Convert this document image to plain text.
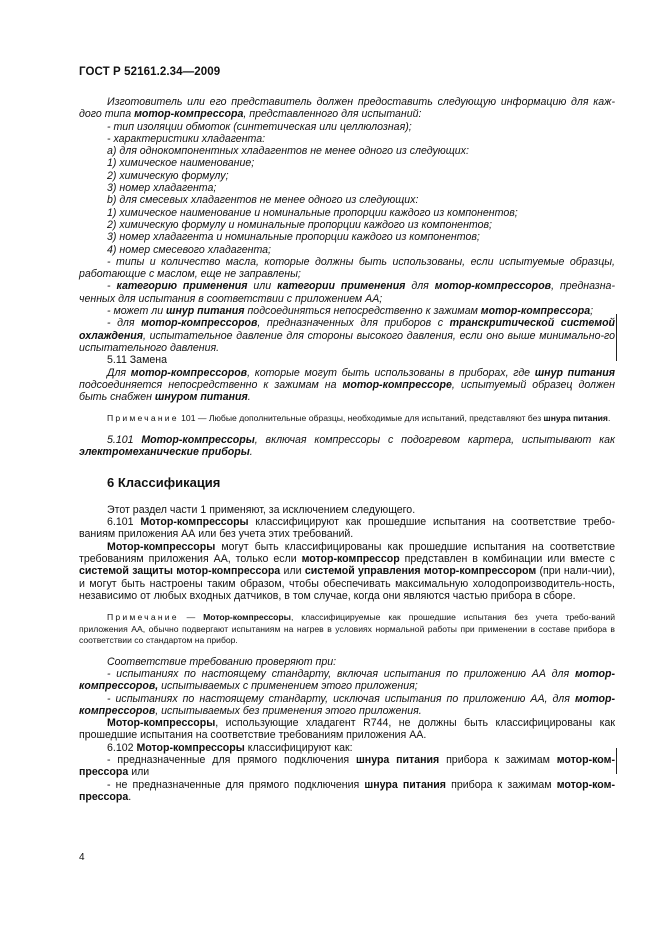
ГОСТ Р 52161.2.34—2009

Изготовитель или его представитель должен предоставить следующую информацию для каж-дого типа мотор-компрессора, представленного для испытаний:

- тип изоляции обмоток (синтетическая или целлюлозная);

- характеристики хладагента:

a) для однокомпонентных хладагентов не менее одного из следующих:

1) химическое наименование;

2) химическую формулу;

3) номер хладагента;

b) для смесевых хладагентов не менее одного из следующих:

1) химическое наименование и номинальные пропорции каждого из компонентов;

2) химическую формулу и номинальные пропорции каждого из компонентов;

3) номер хладагента и номинальные пропорции каждого из компонентов;

4) номер смесевого хладагента;

- типы и количество масла, которые должны быть использованы, если испытуемые образцы, работающие с маслом, еще не заправлены;

- категорию применения или категории применения для мотор-компрессоров, предназна-ченных для испытания в соответствии с приложением АА;

- может ли шнур питания подсоединяться непосредственно к зажимам мотор-компрессора;

- для мотор-компрессоров, предназначенных для приборов с транскритической системой охлаждения, испытательное давление для стороны высокого давления, если оно выше минимально-го испытательного давления.

5.11 Замена

Для мотор-компрессоров, которые могут быть использованы в приборах, где шнур питания подсоединяется непосредственно к зажимам на мотор-компрессоре, испытуемый образец должен быть снабжен шнуром питания.

Примечание 101 — Любые дополнительные образцы, необходимые для испытаний, представляют без шнура питания.

5.101 Мотор-компрессоры, включая компрессоры с подогревом картера, испытывают как электромеханические приборы.

6 Классификация

Этот раздел части 1 применяют, за исключением следующего.

6.101 Мотор-компрессоры классифицируют как прошедшие испытания на соответствие требо-ваниям приложения АА или без учета этих требований.

Мотор-компрессоры могут быть классифицированы как прошедшие испытания на соответствие требованиям приложения АА, только если мотор-компрессор представлен в комбинации или вместе с системой защиты мотор-компрессора или системой управления мотор-компрессором (при нали-чии), и могут быть настроены таким образом, чтобы обеспечивать максимальную холодопроизводитель-ность, независимо от любых входных датчиков, в том случае, когда они являются частью прибора в сборе.

Примечание — Мотор-компрессоры, классифицируемые как прошедшие испытания без учета требо-ваний приложения АА, обычно подвергают испытаниям на нагрев в условиях нормальной работы при применении в составе прибора в соответствии со стандартом на прибор.

Соответствие требованию проверяют при:

- испытаниях по настоящему стандарту, включая испытания по приложению АА для мотор-компрессоров, испытываемых с применением этого приложения;

- испытаниях по настоящему стандарту, исключая испытания по приложению АА, для мотор-компрессоров, испытываемых без применения этого приложения.

Мотор-компрессоры, использующие хладагент R744, не должны быть классифицированы как прошедшие испытания на соответствие требованиям приложения АА.

6.102 Мотор-компрессоры классифицируют как:

- предназначенные для прямого подключения шнура питания прибора к зажимам мотор-ком-прессора или

- не предназначенные для прямого подключения шнура питания прибора к зажимам мотор-ком-прессора.

4
